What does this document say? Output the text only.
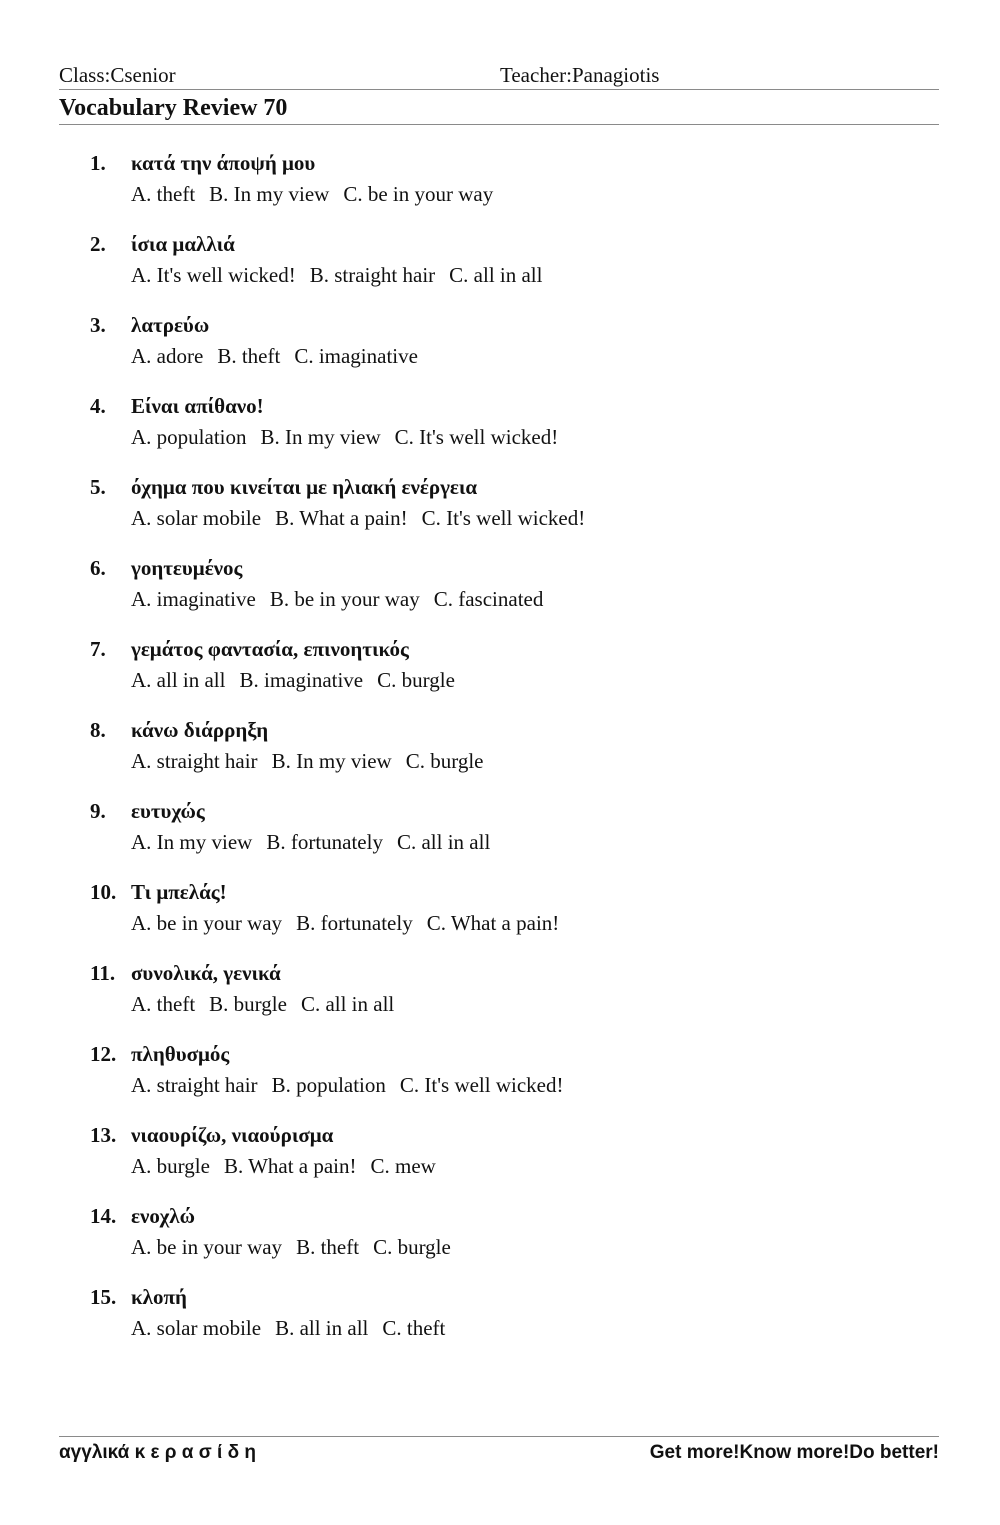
Class:Csenior	Teacher:Panagiotis
Vocabulary Review 70
1.	κατά την άποψή μου
A. theft B. In my view C. be in your way
2.	ίσια μαλλιά
A. It's well wicked! B. straight hair C. all in all
3.	λατρεύω
A. adore B. theft C. imaginative
4.	Είναι απίθανο!
A. population B. In my view C. It's well wicked!
5.	όχημα που κινείται με ηλιακή ενέργεια
A. solar mobile B. What a pain! C. It's well wicked!
6.	γοητευμένος
A. imaginative B. be in your way C. fascinated
7.	γεμάτος φαντασία, επινοητικός
A. all in all B. imaginative C. burgle
8.	κάνω διάρρηξη
A. straight hair B. In my view C. burgle
9.	ευτυχώς
A. In my view B. fortunately C. all in all
10. Τι μπελάς!
A. be in your way B. fortunately C. What a pain!
11. συνολικά, γενικά
A. theft B. burgle C. all in all
12. πληθυσμός
A. straight hair B. population C. It's well wicked!
13. νιαουρίζω, νιαούρισμα
A. burgle B. What a pain! C. mew
14. ενοχλώ
A. be in your way B. theft C. burgle
15. κλοπή
A. solar mobile B. all in all C. theft
αγγλικά κ ε ρ α σ ί δ η	Get more!Know more!Do better!
